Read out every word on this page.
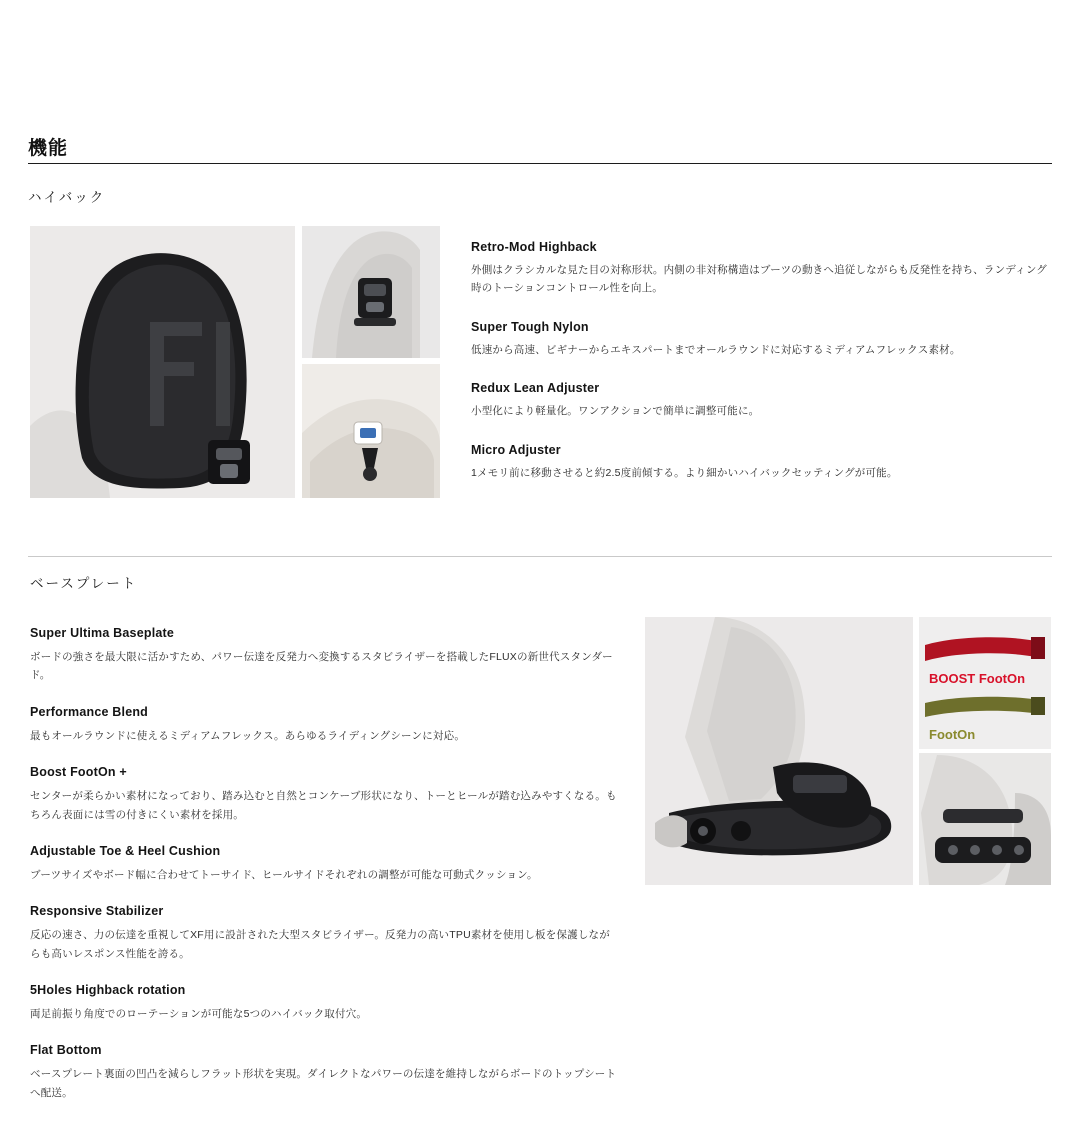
機能
ハイバック
Retro-Mod Highback
外側はクラシカルな見た目の対称形状。内側の非対称構造はブーツの動きへ追従しながらも反発性を持ち、ランディング時のトーションコントロール性を向上。
Super Tough Nylon
低速から高速、ビギナーからエキスパートまでオールラウンドに対応するミディアムフレックス素材。
Redux Lean Adjuster
小型化により軽量化。ワンアクションで簡単に調整可能に。
Micro Adjuster
1メモリ前に移動させると約2.5度前傾する。より細かいハイバックセッティングが可能。
ベースプレート
Super Ultima Baseplate
ボードの強さを最大限に活かすため、パワー伝達を反発力へ変換するスタビライザーを搭載したFLUXの新世代スタンダード。
Performance Blend
最もオールラウンドに使えるミディアムフレックス。あらゆるライディングシーンに対応。
Boost FootOn +
センターが柔らかい素材になっており、踏み込むと自然とコンケーブ形状になり、トーとヒールが踏む込みやすくなる。もちろん表面には雪の付きにくい素材を採用。
Adjustable Toe & Heel Cushion
ブーツサイズやボード幅に合わせてトーサイド、ヒールサイドそれぞれの調整が可能な可動式クッション。
Responsive Stabilizer
反応の速さ、力の伝達を重視してXF用に設計された大型スタビライザー。反発力の高いTPU素材を使用し板を保護しながらも高いレスポンス性能を誇る。
5Holes Highback rotation
両足前振り角度でのローテーションが可能な5つのハイバック取付穴。
Flat Bottom
ベースプレート裏面の凹凸を減らしフラット形状を実現。ダイレクトなパワーの伝達を維持しながらボードのトップシートへ配送。
BOOST FootOn
FootOn
